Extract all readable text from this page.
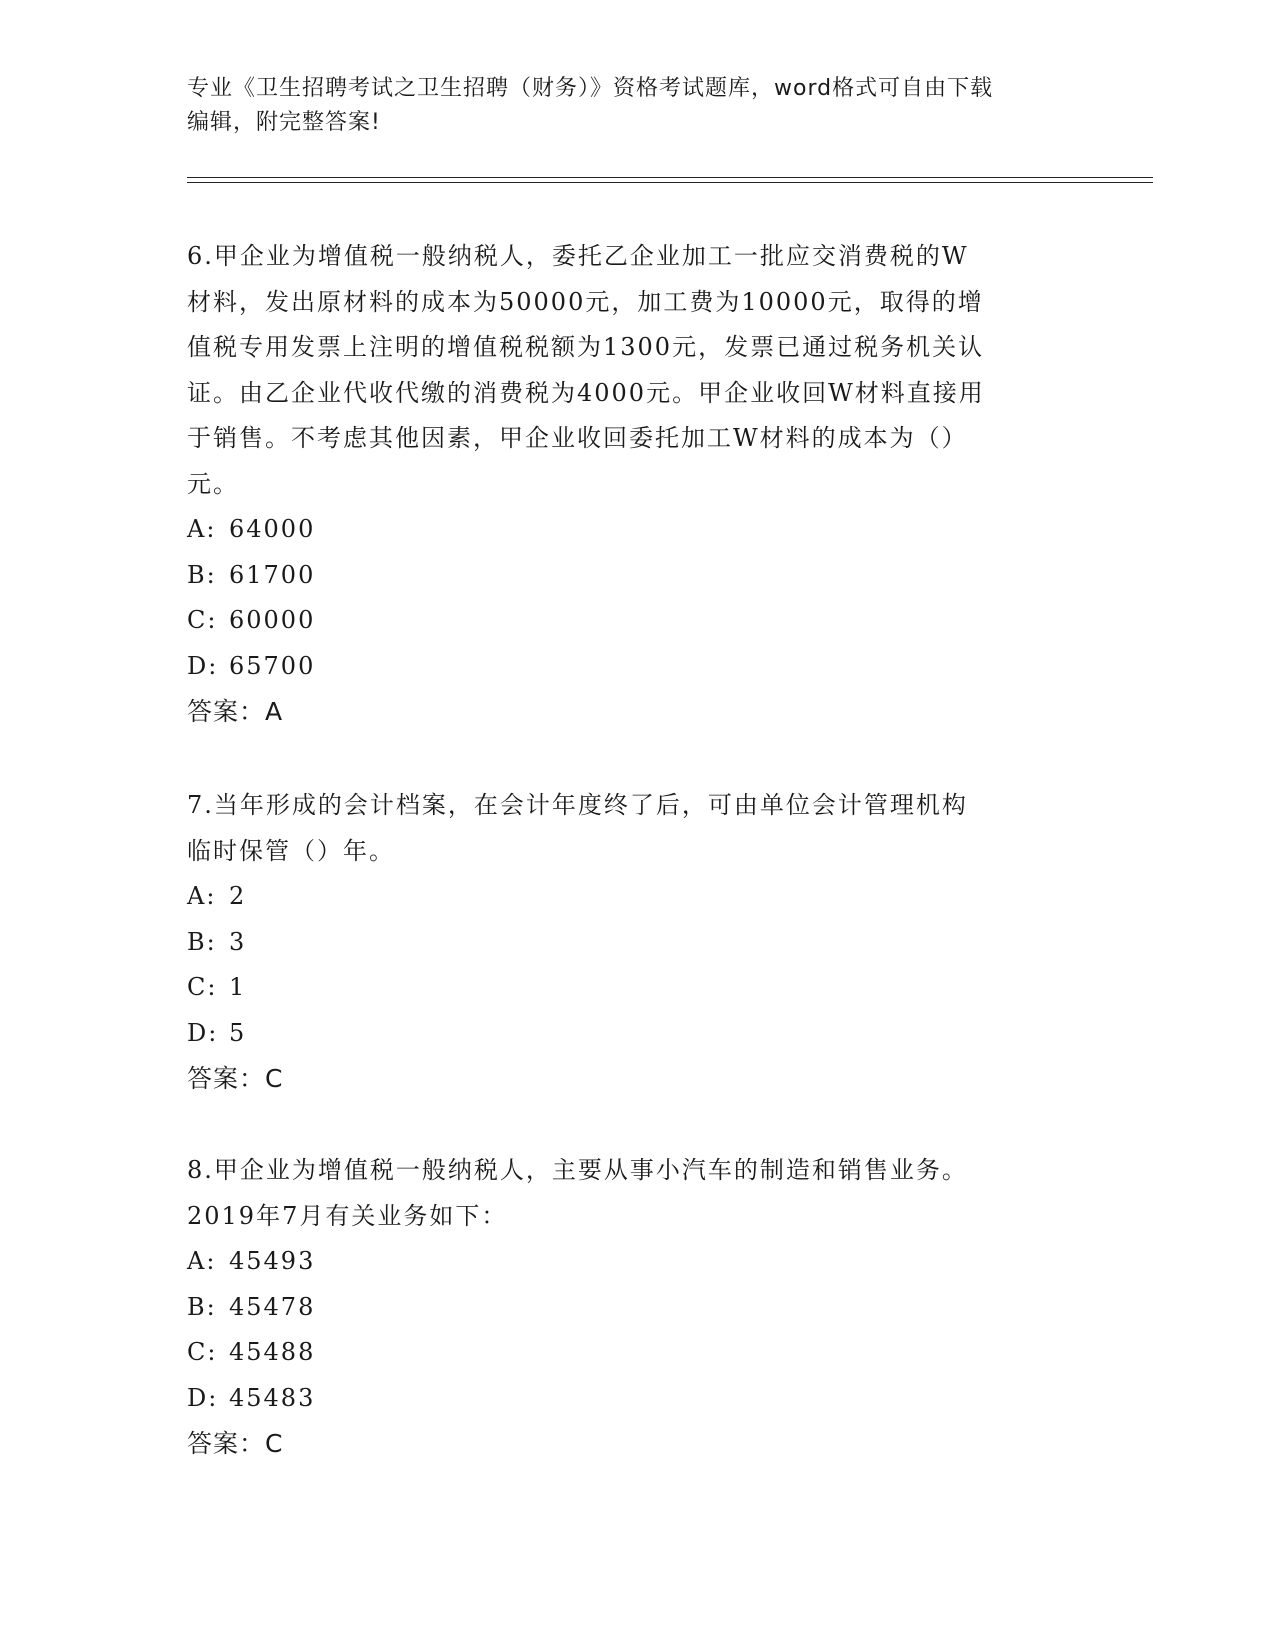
专业《卫生招聘考试之卫生招聘（财务）》资格考试题库，word格式可自由下载
编辑，附完整答案!
6.甲企业为增值税一般纳税人，委托乙企业加工一批应交消费税的W
材料，发出原材料的成本为50000元，加工费为10000元，取得的增
值税专用发票上注明的增值税税额为1300元，发票已通过税务机关认
证。由乙企业代收代缴的消费税为4000元。甲企业收回W材料直接用
于销售。不考虑其他因素，甲企业收回委托加工W材料的成本为（）
元。
A: 64000
B: 61700
C: 60000
D: 65700
答案：A
7.当年形成的会计档案，在会计年度终了后，可由单位会计管理机构
临时保管（）年。
A: 2
B: 3
C: 1
D: 5
答案：C
8.甲企业为增值税一般纳税人，主要从事小汽车的制造和销售业务。
2019年7月有关业务如下：
A: 45493
B: 45478
C: 45488
D: 45483
答案：C
